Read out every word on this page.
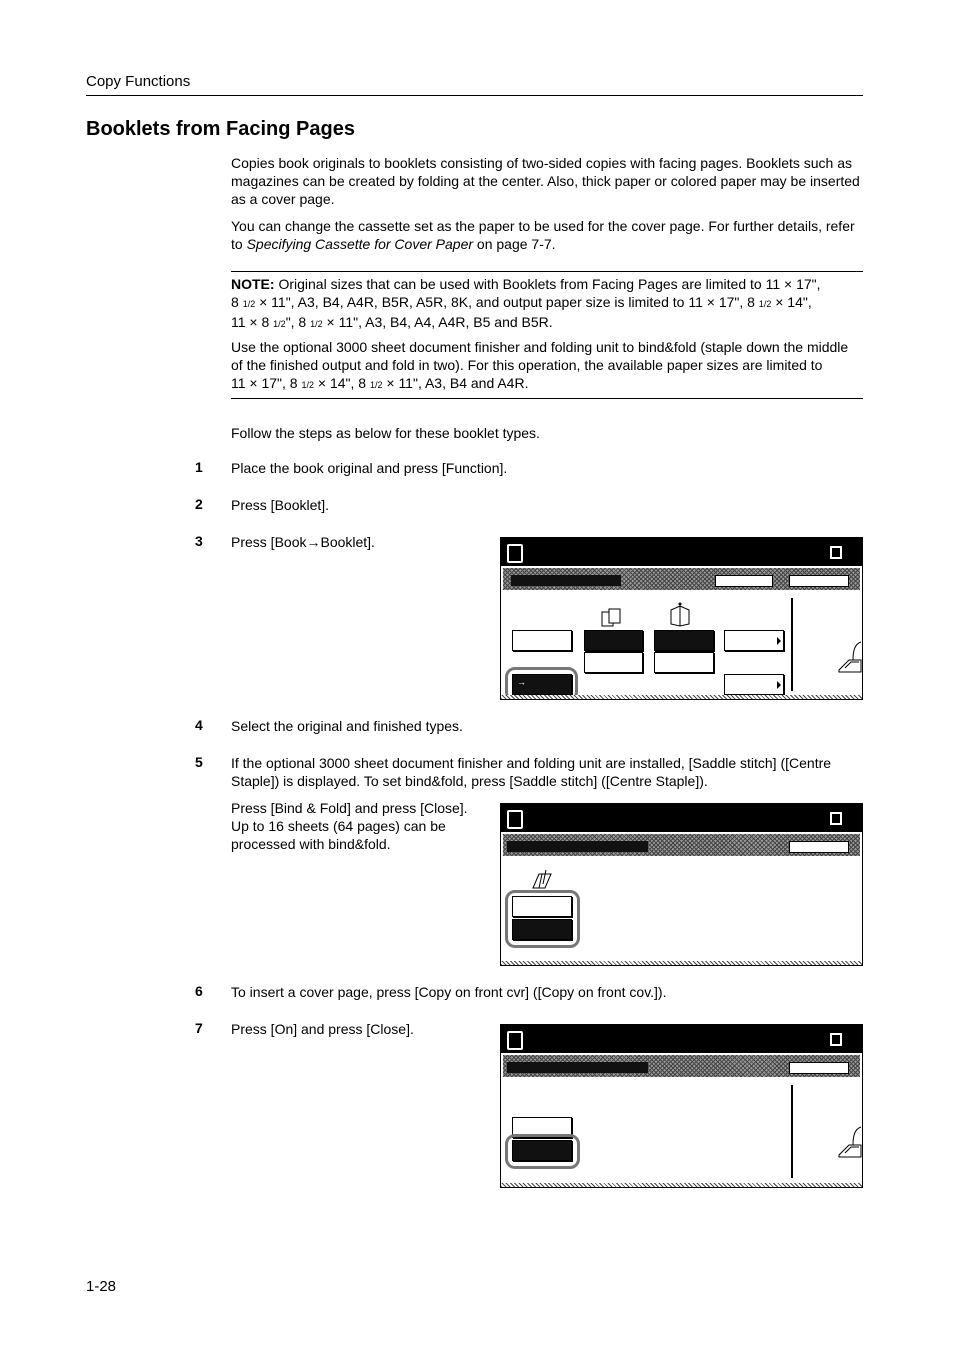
Copy Functions
Booklets from Facing Pages
Copies book originals to booklets consisting of two-sided copies with facing pages. Booklets such as magazines can be created by folding at the center. Also, thick paper or colored paper may be inserted as a cover page.
You can change the cassette set as the paper to be used for the cover page. For further details, refer to Specifying Cassette for Cover Paper on page 7-7.
NOTE: Original sizes that can be used with Booklets from Facing Pages are limited to 11 × 17",
8 1/2 × 11", A3, B4, A4R, B5R, A5R, 8K, and output paper size is limited to 11 × 17", 8 1/2 × 14",
11 × 8 1/2", 8 1/2 × 11", A3, B4, A4, A4R, B5 and B5R.
Use the optional 3000 sheet document finisher and folding unit to bind&fold (staple down the middle
of the finished output and fold in two). For this operation, the available paper sizes are limited to
11 × 17", 8 1/2 × 14", 8 1/2 × 11", A3, B4 and A4R.
Follow the steps as below for these booklet types.
1 Place the book original and press [Function].
2 Press [Booklet].
3 Press [Book→Booklet].
→
4 Select the original and finished types.
5 If the optional 3000 sheet document finisher and folding unit are installed, [Saddle stitch] ([Centre
Staple]) is displayed. To set bind&fold, press [Saddle stitch] ([Centre Staple]).
Press [Bind & Fold] and press [Close].
Up to 16 sheets (64 pages) can be
processed with bind&fold.
6 To insert a cover page, press [Copy on front cvr] ([Copy on front cov.]).
7 Press [On] and press [Close].
1-28
